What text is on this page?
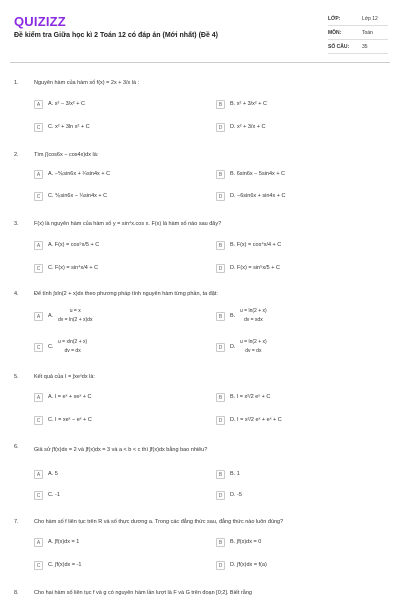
QUIZIZZ
Đề kiểm tra Giữa học kì 2 Toán 12 có đáp án (Mới nhất) (Đề 4)
LỚP:	Lớp 12
MÔN:	Toán
SỐ CÂU:	35
1.	Nguyên hàm của hàm số f(x) = 2x + 3/x là :
A	A. x² − 3/x² + C	B	B. x² + 3/x² + C
C	C. x² + 3ln x² + C	D	D. x² + 3/x + C
2.	Tìm ∫(cos6x − cos4x)dx là:
A	A. −⅙sin6x + ¼sin4x + C	B	B. 6sin6x − 5sin4x + C
C	C. ⅙sin6x − ¼sin4x + C	D	D. −6sin6x + sin4x + C
3.	F(x) là nguyên hàm của hàm số y = sin⁴x.cos x. F(x) là hàm số nào sau đây?
A	A. F(x) = cos⁵x/5 + C	B	B. F(x) = cos⁴x/4 + C
C	C. F(x) = sin⁴x/4 + C	D	D. F(x) = sin⁵x/5 + C
4.	Để tính ∫xln(2 + x)dx theo phương pháp tính nguyên hàm từng phần, ta đặt:
A	A.
u = x
dv = ln(2 + x)dx	B	B.
u = ln(2 + x)
dv = xdx
C	C.
u = xln(2 + x)
dv = dx	D	D.
u = ln(2 + x)
dv = dx
5.	Kết quả của I = ∫xeˣdx là:
A	A. I = eˣ + xeˣ + C	B	B. I = x²/2 eˣ + C
C	C. I = xeˣ − eˣ + C	D	D. I = x²/2 eˣ + eˣ + C
6.	Giả sử ∫f(x)dx = 2 và ∫f(x)dx = 3 và a < b < c thì ∫f(x)dx bằng bao nhiêu?
A	A. 5	B	B. 1
C	C. -1	D	D. -5
7.	Cho hàm số f liên tục trên R và số thực dương a. Trong các đẳng thức sau, đẳng thức nào luôn đúng?
A	A. ∫f(x)dx = 1	B	B. ∫f(x)dx = 0
C	C. ∫f(x)dx = -1	D	D. ∫f(x)dx = f(a)
8.	Cho hai hàm số liên tục f và g có nguyên hàm lần lượt là F và G trên đoạn [0;2]. Biết rằng
